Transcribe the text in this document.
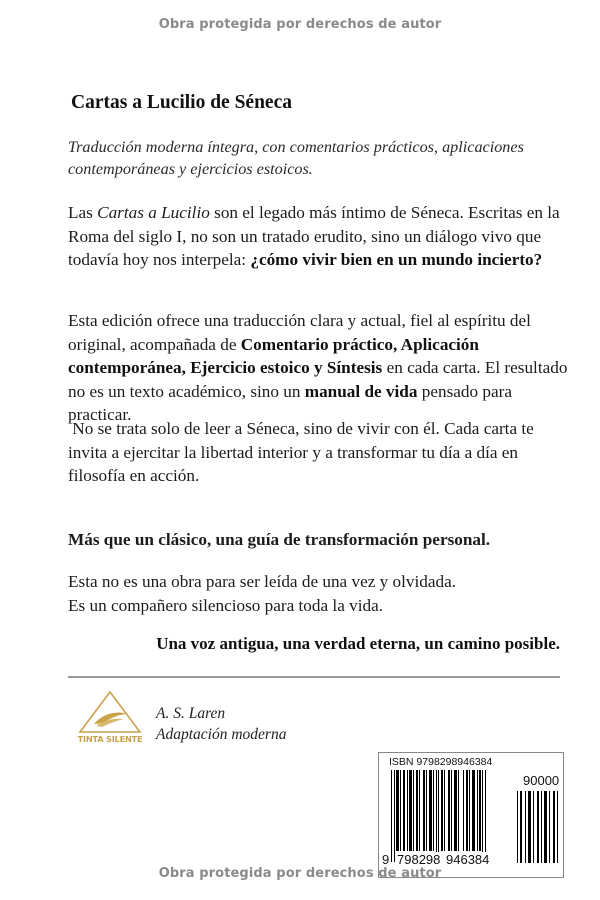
Obra protegida por derechos de autor
Cartas a Lucilio de Séneca
Traducción moderna íntegra, con comentarios prácticos, aplicaciones contemporáneas y ejercicios estoicos.
Las Cartas a Lucilio son el legado más íntimo de Séneca. Escritas en la Roma del siglo I, no son un tratado erudito, sino un diálogo vivo que todavía hoy nos interpela: ¿cómo vivir bien en un mundo incierto?
Esta edición ofrece una traducción clara y actual, fiel al espíritu del original, acompañada de Comentario práctico, Aplicación contemporánea, Ejercicio estoico y Síntesis en cada carta. El resultado no es un texto académico, sino un manual de vida pensado para practicar.
No se trata solo de leer a Séneca, sino de vivir con él. Cada carta te invita a ejercitar la libertad interior y a transformar tu día a día en filosofía en acción.
Más que un clásico, una guía de transformación personal.
Esta no es una obra para ser leída de una vez y olvidada.
Es un compañero silencioso para toda la vida.
Una voz antigua, una verdad eterna, un camino posible.
TINTA SILENTE
A. S. Laren
Adaptación moderna
ISBN 9798298946384
90000
9 798298 946384
Obra protegida por derechos de autor
